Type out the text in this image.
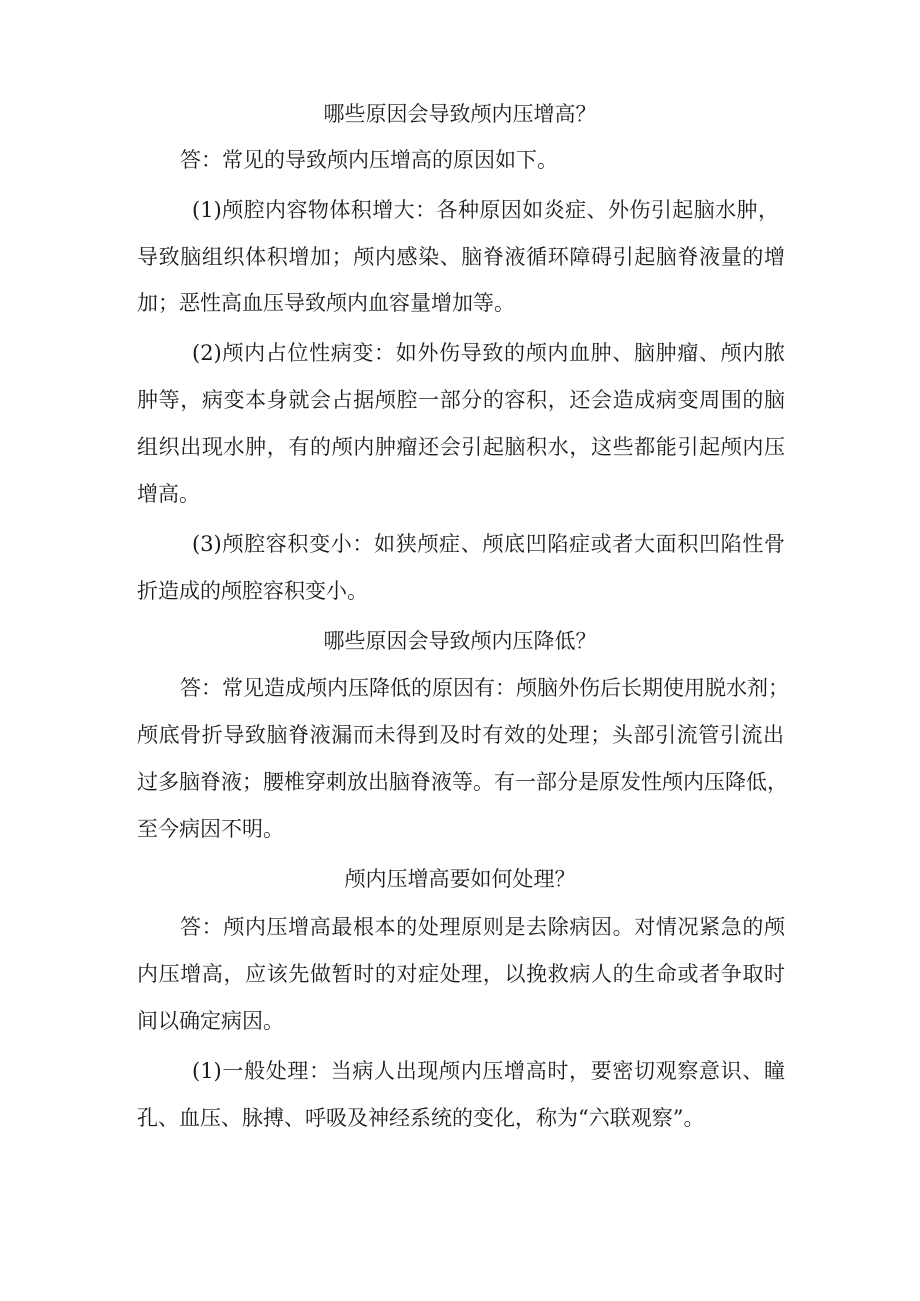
哪些原因会导致颅内压增高？

答：常见的导致颅内压增高的原因如下。

(1)颅腔内容物体积增大：各种原因如炎症、外伤引起脑水肿，

导致脑组织体积增加；颅内感染、脑脊液循环障碍引起脑脊液量的增

加；恶性高血压导致颅内血容量增加等。

(2)颅内占位性病变：如外伤导致的颅内血肿、脑肿瘤、颅内脓

肿等，病变本身就会占据颅腔一部分的容积，还会造成病变周围的脑

组织出现水肿，有的颅内肿瘤还会引起脑积水，这些都能引起颅内压

增高。

(3)颅腔容积变小：如狭颅症、颅底凹陷症或者大面积凹陷性骨

折造成的颅腔容积变小。

哪些原因会导致颅内压降低？

答：常见造成颅内压降低的原因有：颅脑外伤后长期使用脱水剂；

颅底骨折导致脑脊液漏而未得到及时有效的处理；头部引流管引流出

过多脑脊液；腰椎穿刺放出脑脊液等。有一部分是原发性颅内压降低，

至今病因不明。

颅内压增高要如何处理？

答：颅内压增高最根本的处理原则是去除病因。对情况紧急的颅

内压增高，应该先做暂时的对症处理，以挽救病人的生命或者争取时

间以确定病因。

(1)一般处理：当病人出现颅内压增高时，要密切观察意识、瞳

孔、血压、脉搏、呼吸及神经系统的变化，称为“六联观察”。
